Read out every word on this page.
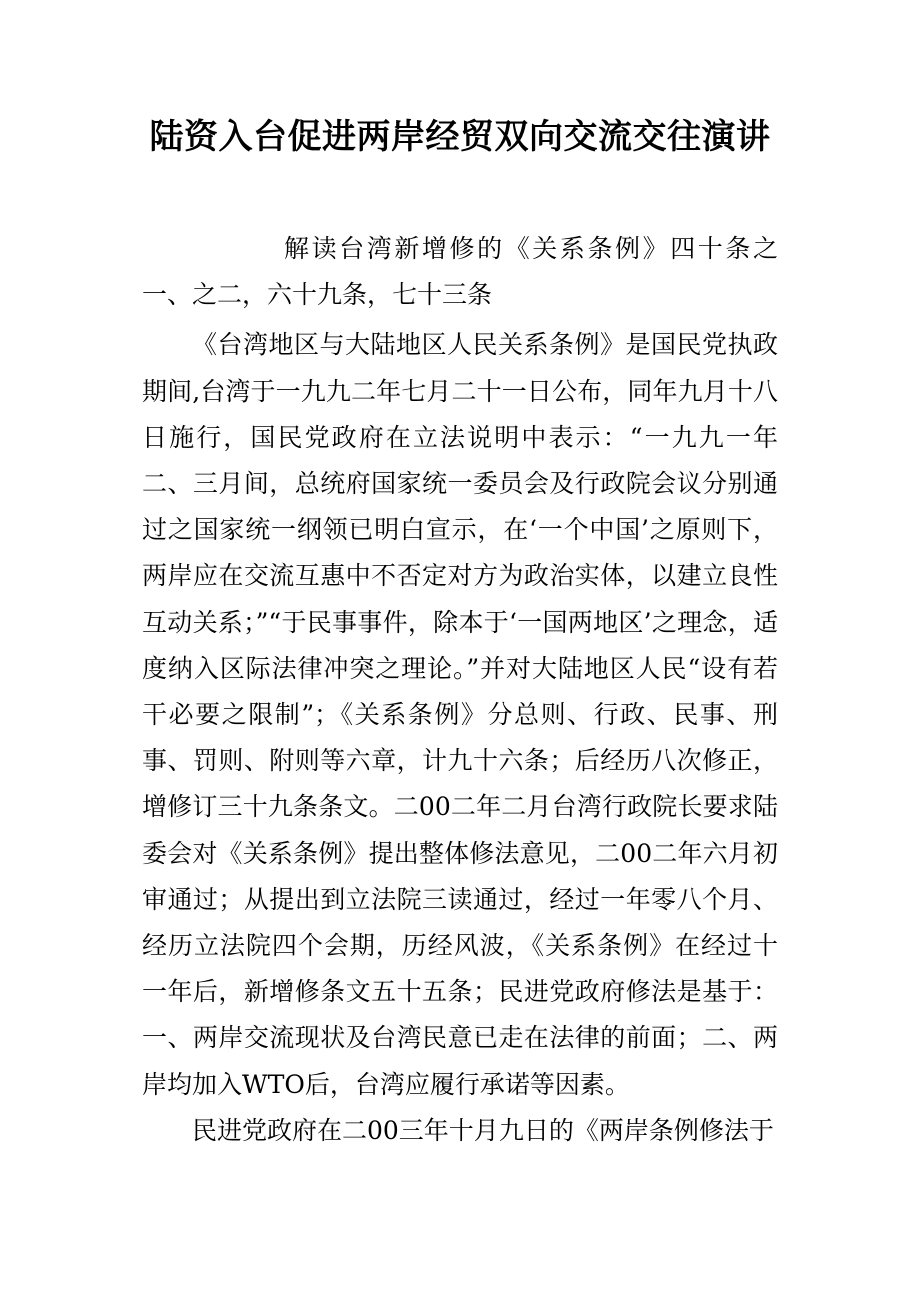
陆资入台促进两岸经贸双向交流交往演讲

解读台湾新增修的《关系条例》四十条之一、之二，六十九条，七十三条

《台湾地区与大陆地区人民关系条例》是国民党执政期间,台湾于一九九二年七月二十一日公布，同年九月十八日施行，国民党政府在立法说明中表示：“一九九一年二、三月间，总统府国家统一委员会及行政院会议分别通过之国家统一纲领已明白宣示，在‘一个中国’之原则下，两岸应在交流互惠中不否定对方为政治实体，以建立良性互动关系；”“于民事事件，除本于‘一国两地区’之理念，适度纳入区际法律冲突之理论。”并对大陆地区人民“设有若干必要之限制”；《关系条例》分总则、行政、民事、刑事、罚则、附则等六章，计九十六条；后经历八次修正，增修订三十九条条文。二00二年二月台湾行政院长要求陆委会对《关系条例》提出整体修法意见，二00二年六月初审通过；从提出到立法院三读通过，经过一年零八个月、经历立法院四个会期，历经风波，《关系条例》在经过十一年后，新增修条文五十五条；民进党政府修法是基于：一、两岸交流现状及台湾民意已走在法律的前面；二、两岸均加入WTO后，台湾应履行承诺等因素。

民进党政府在二00三年十月九日的《两岸条例修法于
